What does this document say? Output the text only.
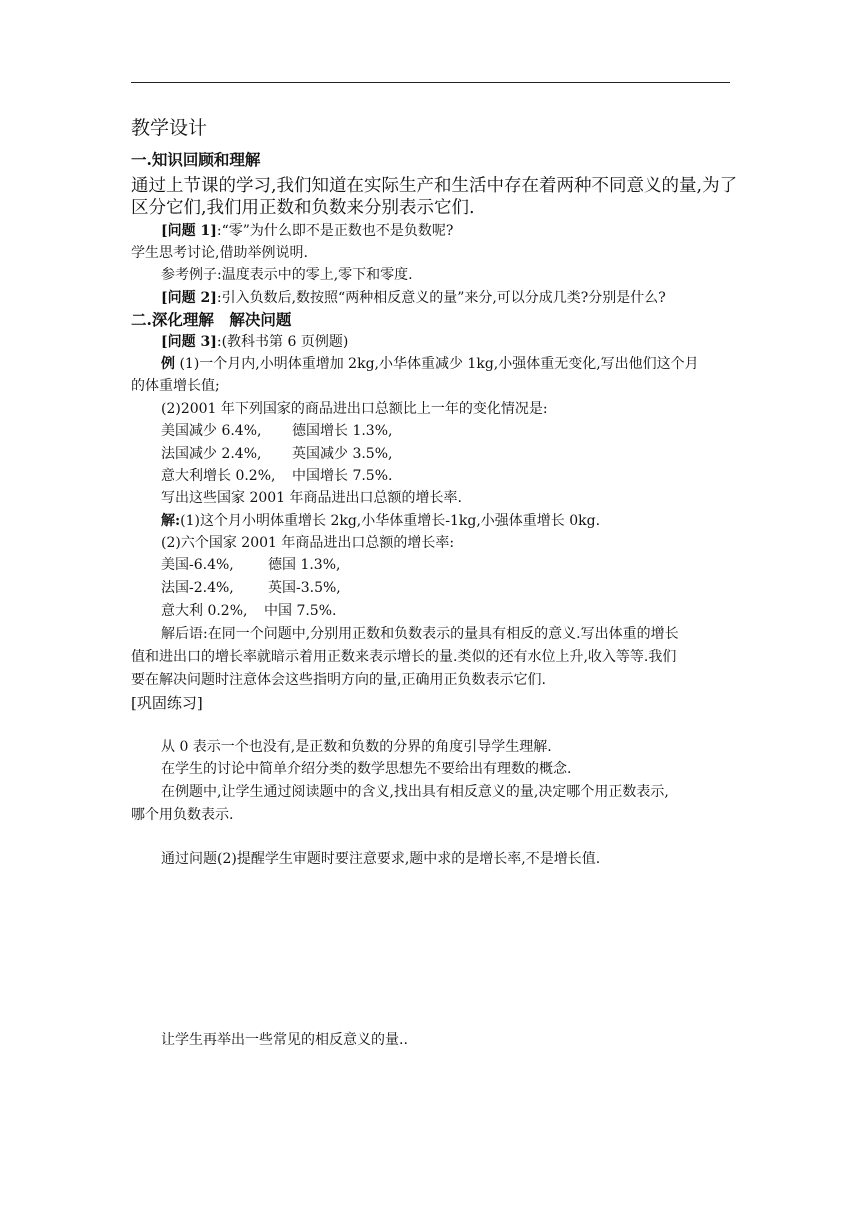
教学设计
一.知识回顾和理解
通过上节课的学习,我们知道在实际生产和生活中存在着两种不同意义的量,为了
区分它们,我们用正数和负数来分别表示它们.
[问题 1]:“零”为什么即不是正数也不是负数呢?
学生思考讨论,借助举例说明.
参考例子:温度表示中的零上,零下和零度.
[问题 2]:引入负数后,数按照“两种相反意义的量”来分,可以分成几类?分别是什么?
二.深化理解　解决问题
[问题 3]:(教科书第 6 页例题)
例 (1)一个月内,小明体重增加 2kg,小华体重减少 1kg,小强体重无变化,写出他们这个月
的体重增长值;
(2)2001 年下列国家的商品进出口总额比上一年的变化情况是:
美国减少 6.4%, 德国增长 1.3%,
法国减少 2.4%, 英国减少 3.5%,
意大利增长 0.2%, 中国增长 7.5%.
写出这些国家 2001 年商品进出口总额的增长率.
解:(1)这个月小明体重增长 2kg,小华体重增长-1kg,小强体重增长 0kg.
(2)六个国家 2001 年商品进出口总额的增长率:
美国-6.4%, 德国 1.3%,
法国-2.4%, 英国-3.5%,
意大利 0.2%, 中国 7.5%.
解后语:在同一个问题中,分别用正数和负数表示的量具有相反的意义.写出体重的增长
值和进出口的增长率就暗示着用正数来表示增长的量.类似的还有水位上升,收入等等.我们
要在解决问题时注意体会这些指明方向的量,正确用正负数表示它们.
[巩固练习]
从 0 表示一个也没有,是正数和负数的分界的角度引导学生理解.
在学生的讨论中简单介绍分类的数学思想先不要给出有理数的概念.
在例题中,让学生通过阅读题中的含义,找出具有相反意义的量,决定哪个用正数表示,
哪个用负数表示.
通过问题(2)提醒学生审题时要注意要求,题中求的是增长率,不是增长值.
让学生再举出一些常见的相反意义的量..
